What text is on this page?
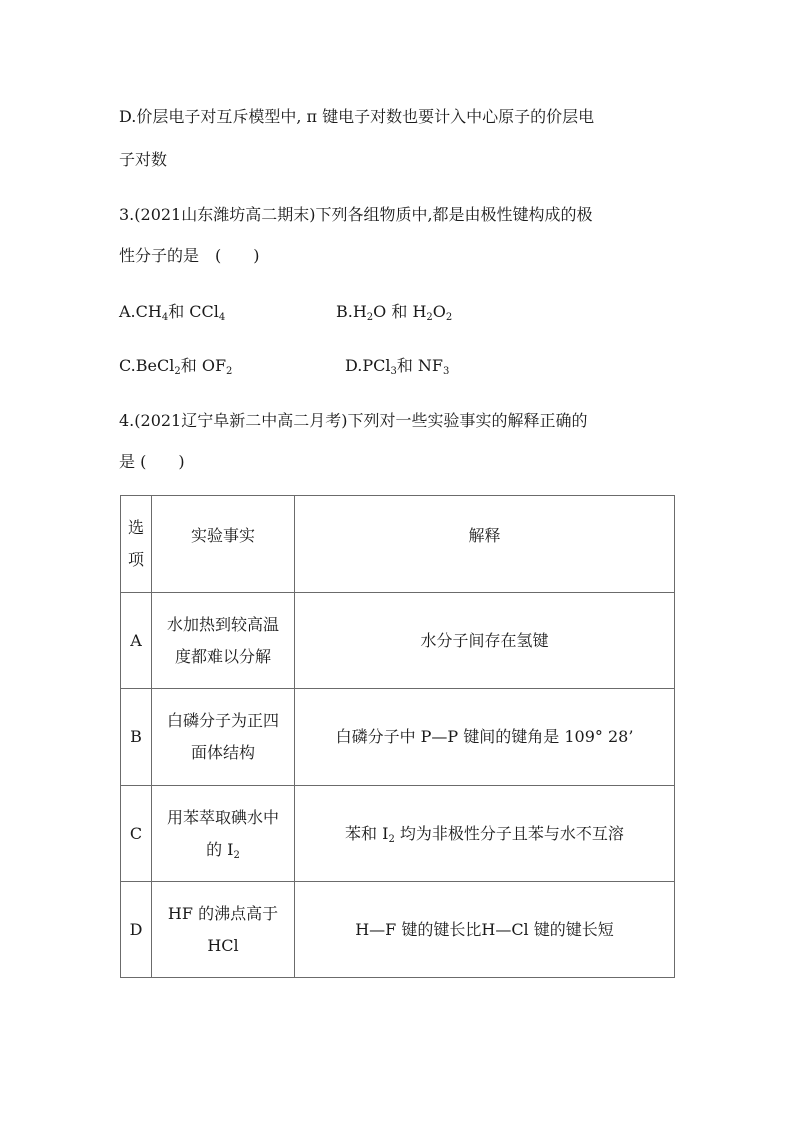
D.价层电子对互斥模型中, π 键电子对数也要计入中心原子的价层电
子对数
3.(2021山东潍坊高二期末)下列各组物质中,都是由极性键构成的极
性分子的是　(　　)
$A.CH_4$和 CCl$_4$	$B.H_2O$ 和 $H_2O_2$
C.BeCl$_2$和 $OF_2$	D.PCl$_3$和 $NF_3$
4.(2021辽宁阜新二中高二月考)下列对一些实验事实的解释正确的
是 (　　)
选
项	实验事实	解释
A	水加热到较高温
度都难以分解	水分子间存在氢键
B	白磷分子为正四
面体结构	白磷分子中 P—P 键间的键角是 109° 28’
C	用苯萃取碘水中
的 $I_2$	苯和 $I_2$ 均为非极性分子且苯与水不互溶
D	HF 的沸点高于
HCl	H—F 键的键长比H—Cl 键的键长短
